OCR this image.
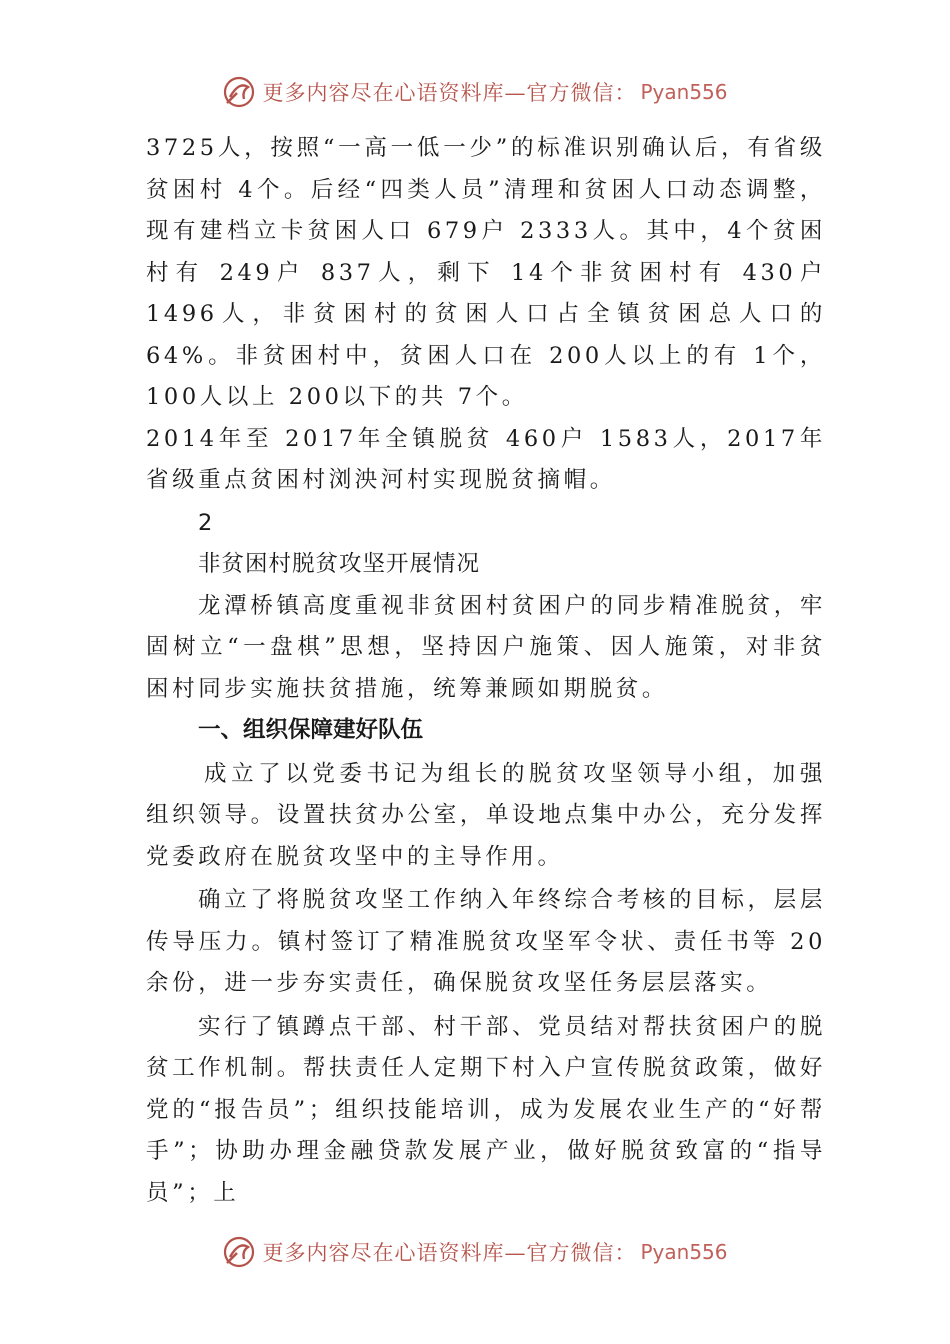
更多内容尽在心语资料库—官方微信： Pyan556

3725人，按照“一高一低一少”的标准识别确认后，有省级贫困村 4个。后经“四类人员”清理和贫困人口动态调整，现有建档立卡贫困人口 679户 2333人。其中，4个贫困村有 249户 837人，剩下 14个非贫困村有 430户 1496人，非贫困村的贫困人口占全镇贫困总人口的 64%。非贫困村中，贫困人口在 200人以上的有 1个，100人以上 200以下的共 7个。

2014年至 2017年全镇脱贫 460户 1583人，2017年省级重点贫困村浏泱河村实现脱贫摘帽。

2
非贫困村脱贫攻坚开展情况

龙潭桥镇高度重视非贫困村贫困户的同步精准脱贫，牢固树立“一盘棋”思想，坚持因户施策、因人施策，对非贫困村同步实施扶贫措施，统筹兼顾如期脱贫。

一、组织保障建好队伍

成立了以党委书记为组长的脱贫攻坚领导小组，加强组织领导。设置扶贫办公室，单设地点集中办公，充分发挥党委政府在脱贫攻坚中的主导作用。

确立了将脱贫攻坚工作纳入年终综合考核的目标，层层传导压力。镇村签订了精准脱贫攻坚军令状、责任书等 20余份，进一步夯实责任，确保脱贫攻坚任务层层落实。

实行了镇蹲点干部、村干部、党员结对帮扶贫困户的脱贫工作机制。帮扶责任人定期下村入户宣传脱贫政策，做好党的“报告员”；组织技能培训，成为发展农业生产的“好帮手”；协助办理金融贷款发展产业，做好脱贫致富的“指导员”；上

更多内容尽在心语资料库—官方微信： Pyan556
